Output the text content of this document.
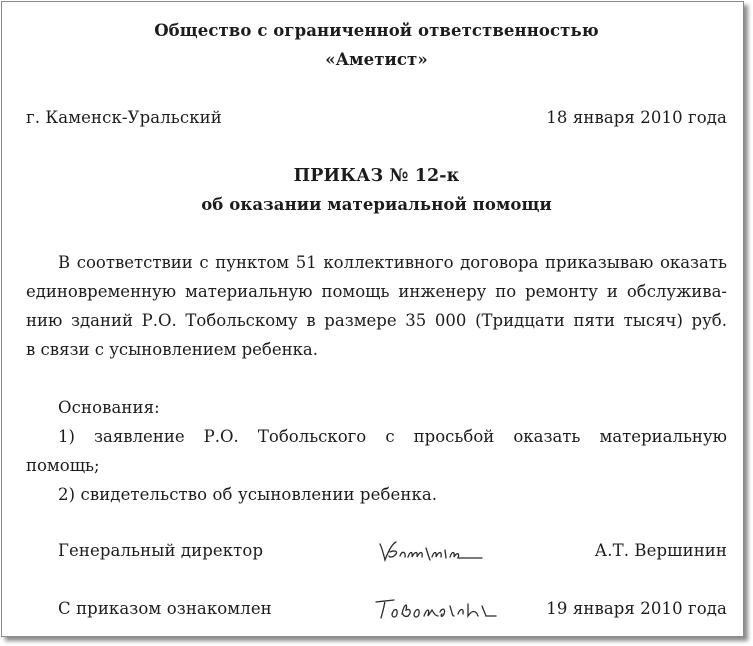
Общество с ограниченной ответственностью
«Аметист»
г. Каменск-Уральский	18 января 2010 года
ПРИКАЗ № 12-к
об оказании материальной помощи
В соответствии с пунктом 51 коллективного договора приказываю оказать
единовременную материальную помощь инженеру по ремонту и обслужива-
нию зданий Р.О. Тобольскому в размере 35 000 (Тридцати пяти тысяч) руб.
в связи с усыновлением ребенка.
Основания:
1) заявление Р.О. Тобольского с просьбой оказать материальную
помощь;
2) свидетельство об усыновлении ребенка.
Генеральный директор	А.Т. Вершинин
С приказом ознакомлен	19 января 2010 года
